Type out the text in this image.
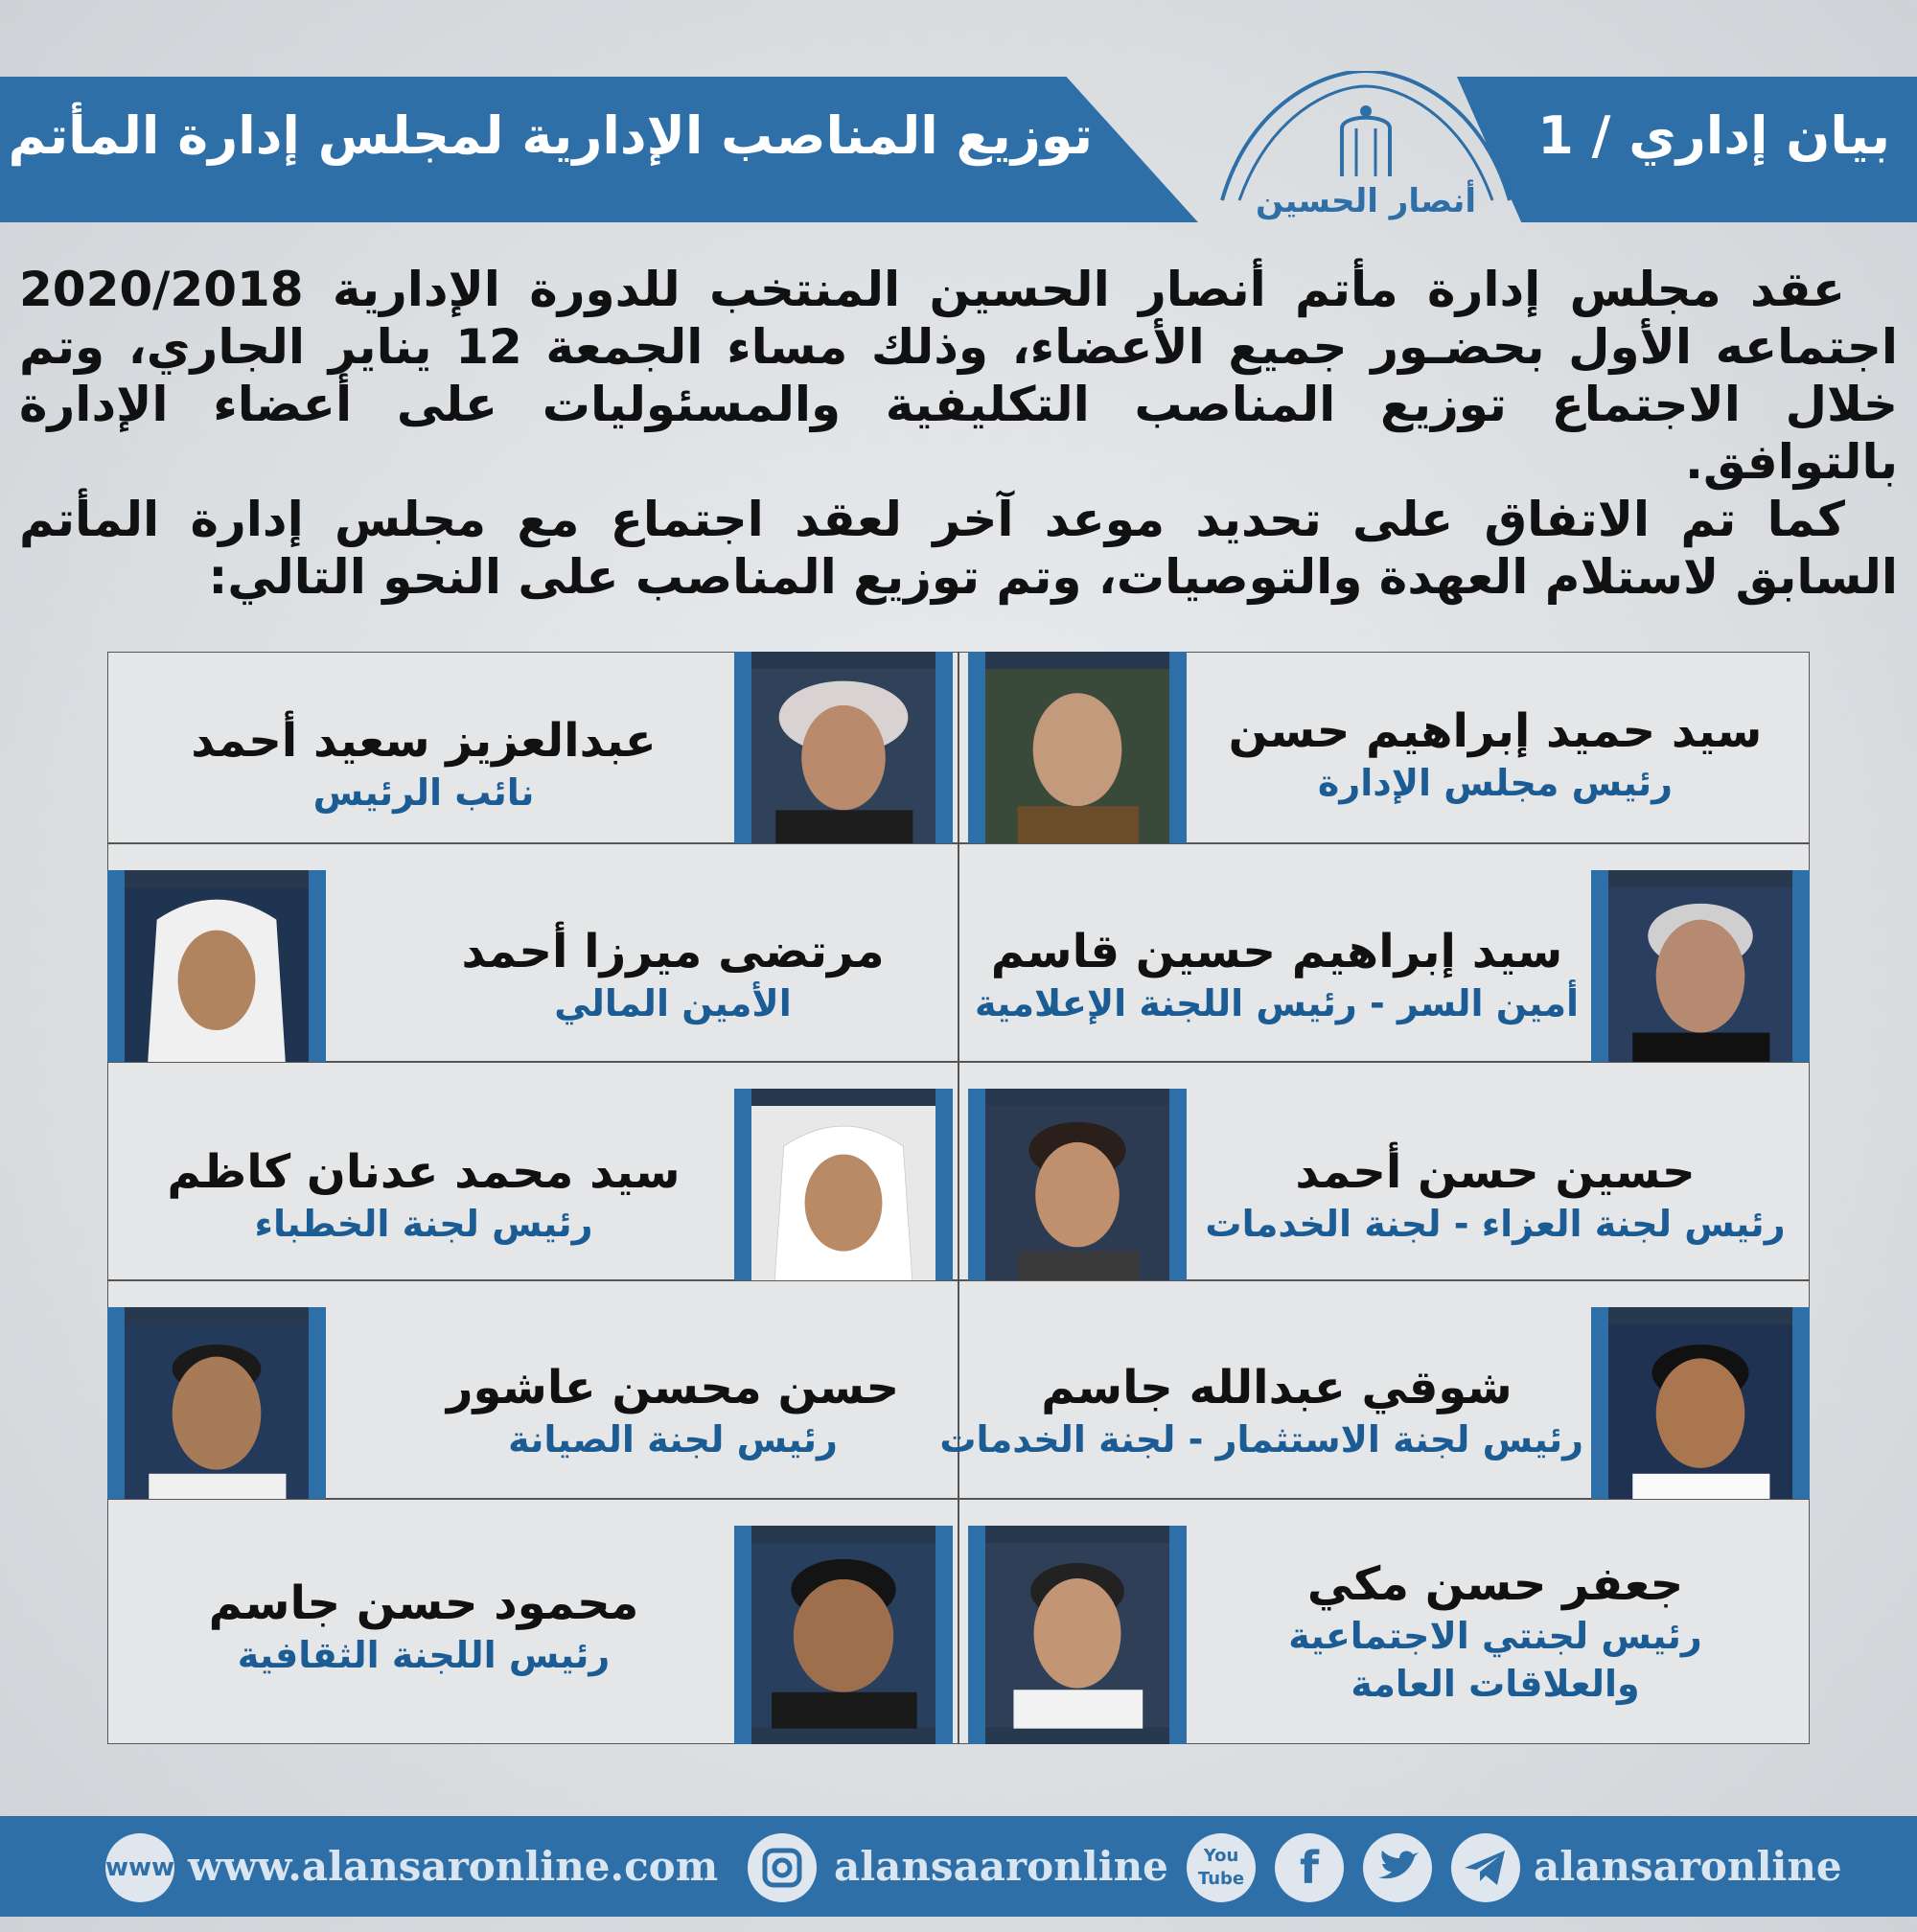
بيان إداري / 1
توزيع المناصب الإدارية لمجلس إدارة المأتم
أنصار الحسين

عقد مجلس إدارة مأتم أنصار الحسين المنتخب للدورة الإدارية 2020/2018 اجتماعه الأول بحضـور جميع الأعضاء، وذلك مساء الجمعة 12 يناير الجاري، وتم خلال الاجتماع توزيع المناصب التكليفية والمسئوليات على أعضاء الإدارة بالتوافق.

كما تم الاتفاق على تحديد موعد آخر لعقد اجتماع مع مجلس إدارة المأتم السابق لاستلام العهدة والتوصيات، وتم توزيع المناصب على النحو التالي:

سيد حميد إبراهيم حسن
رئيس مجلس الإدارة
عبدالعزيز سعيد أحمد
نائب الرئيس
سيد إبراهيم حسين قاسم
أمين السر - رئيس اللجنة الإعلامية
مرتضى ميرزا أحمد
الأمين المالي
حسين حسن أحمد
رئيس لجنة العزاء - لجنة الخدمات
سيد محمد عدنان كاظم
رئيس لجنة الخطباء
شوقي عبدالله جاسم
رئيس لجنة الاستثمار - لجنة الخدمات
حسن محسن عاشور
رئيس لجنة الصيانة
جعفر حسن مكي
رئيس لجنتي الاجتماعية
والعلاقات العامة
محمود حسن جاسم
رئيس اللجنة الثقافية
www www.alansaronline.com	alansaaronline	You Tube	f	alansaronline
